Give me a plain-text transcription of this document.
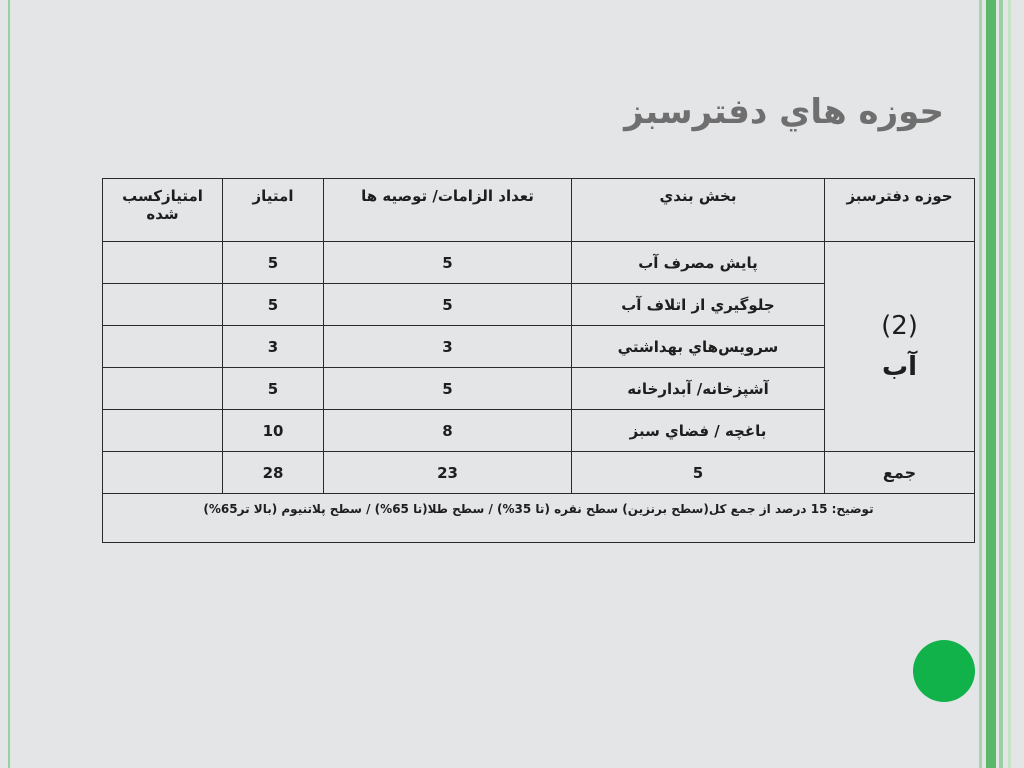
حوزه هاي دفترسبز
حوزه دفترسبز	بخش بندي	تعداد الزامات/ توصيه ها	امتياز	امتيازکسب شده

(2)
آب	پايش مصرف آب	5	5	
	جلوگيري از اتلاف آب	5	5	
	سرويس‌هاي بهداشتي	3	3	
	آشپزخانه/ آبدارخانه	5	5	
	باغچه / فضاي سبز	8	10	
جمع	5	23	28	
توضيح: 15 درصد از جمع کل(سطح برنزين) سطح نقره (تا 35%) / سطح طلا(تا 65%) / سطح پلاتنيوم (بالا تر65%)				
